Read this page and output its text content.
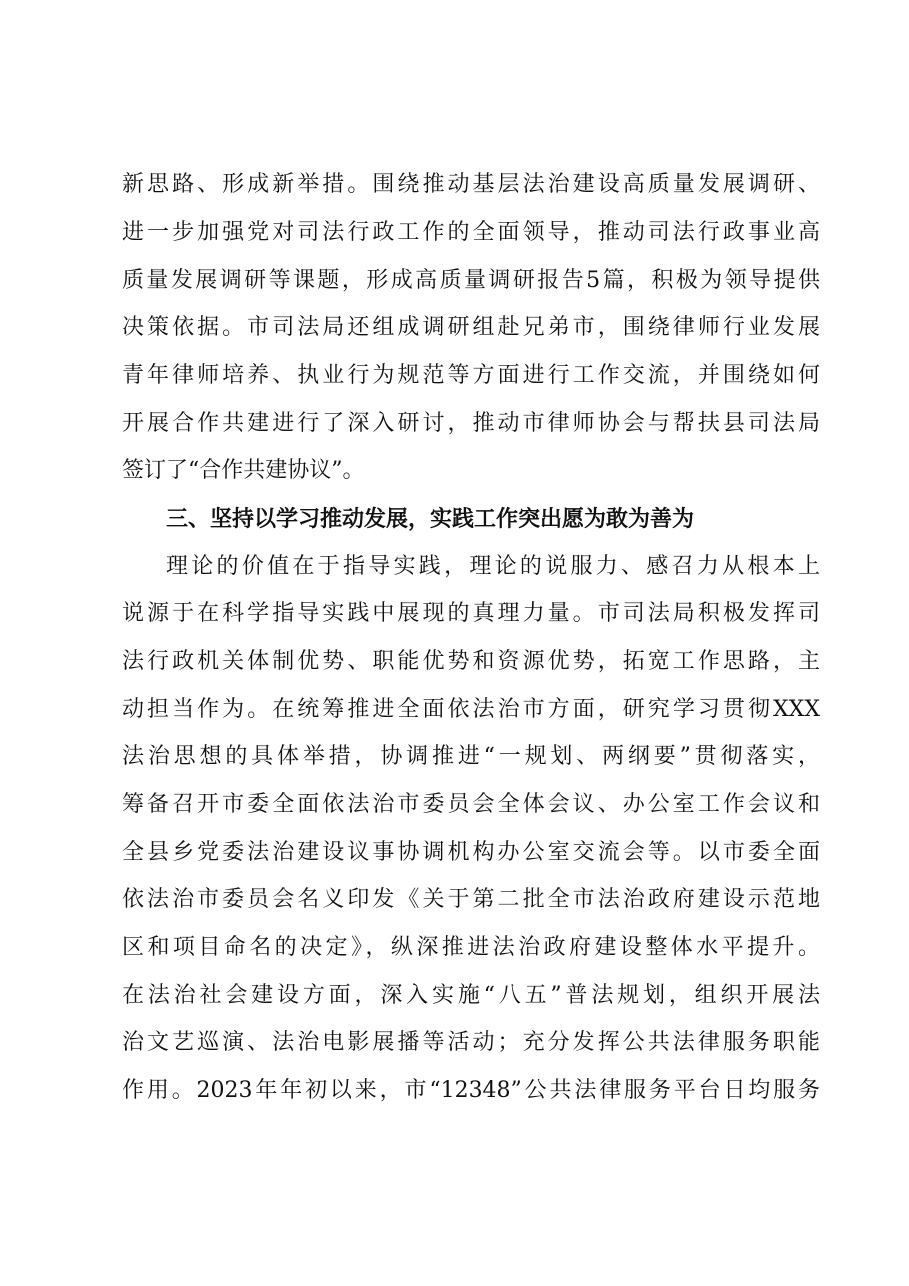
新思路、形成新举措。围绕推动基层法治建设高质量发展调研、
进一步加强党对司法行政工作的全面领导，推动司法行政事业高
质量发展调研等课题，形成高质量调研报告5篇，积极为领导提供
决策依据。市司法局还组成调研组赴兄弟市，围绕律师行业发展
青年律师培养、执业行为规范等方面进行工作交流，并围绕如何
开展合作共建进行了深入研讨，推动市律师协会与帮扶县司法局
签订了“合作共建协议”。
三、坚持以学习推动发展，实践工作突出愿为敢为善为
理论的价值在于指导实践，理论的说服力、感召力从根本上
说源于在科学指导实践中展现的真理力量。市司法局积极发挥司
法行政机关体制优势、职能优势和资源优势，拓宽工作思路，主
动担当作为。在统筹推进全面依法治市方面，研究学习贯彻XXX
法治思想的具体举措，协调推进“一规划、两纲要”贯彻落实，
筹备召开市委全面依法治市委员会全体会议、办公室工作会议和
全县乡党委法治建设议事协调机构办公室交流会等。以市委全面
依法治市委员会名义印发《关于第二批全市法治政府建设示范地
区和项目命名的决定》，纵深推进法治政府建设整体水平提升。
在法治社会建设方面，深入实施“八五”普法规划，组织开展法
治文艺巡演、法治电影展播等活动；充分发挥公共法律服务职能
作用。2023年年初以来，市“12348”公共法律服务平台日均服务
